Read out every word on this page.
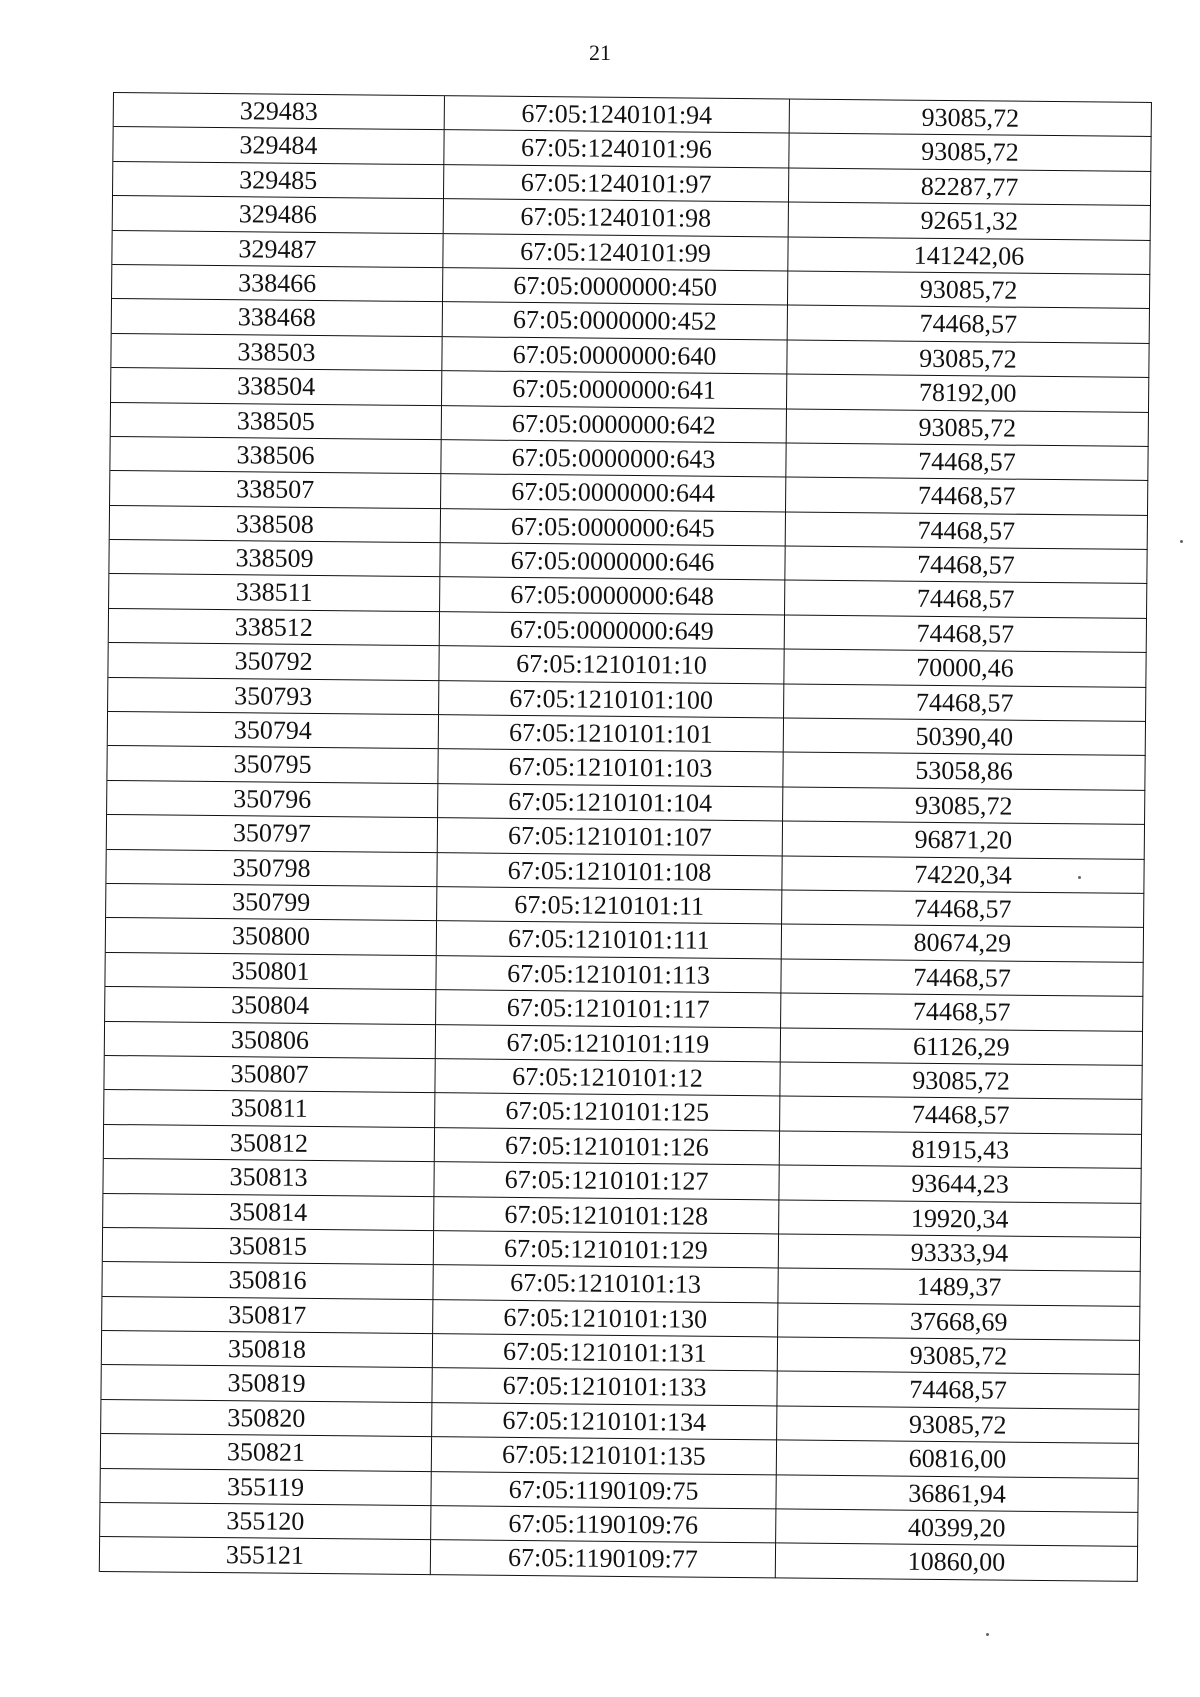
21
329483	67:05:1240101:94	93085,72
329484	67:05:1240101:96	93085,72
329485	67:05:1240101:97	82287,77
329486	67:05:1240101:98	92651,32
329487	67:05:1240101:99	141242,06
338466	67:05:0000000:450	93085,72
338468	67:05:0000000:452	74468,57
338503	67:05:0000000:640	93085,72
338504	67:05:0000000:641	78192,00
338505	67:05:0000000:642	93085,72
338506	67:05:0000000:643	74468,57
338507	67:05:0000000:644	74468,57
338508	67:05:0000000:645	74468,57
338509	67:05:0000000:646	74468,57
338511	67:05:0000000:648	74468,57
338512	67:05:0000000:649	74468,57
350792	67:05:1210101:10	70000,46
350793	67:05:1210101:100	74468,57
350794	67:05:1210101:101	50390,40
350795	67:05:1210101:103	53058,86
350796	67:05:1210101:104	93085,72
350797	67:05:1210101:107	96871,20
350798	67:05:1210101:108	74220,34
350799	67:05:1210101:11	74468,57
350800	67:05:1210101:111	80674,29
350801	67:05:1210101:113	74468,57
350804	67:05:1210101:117	74468,57
350806	67:05:1210101:119	61126,29
350807	67:05:1210101:12	93085,72
350811	67:05:1210101:125	74468,57
350812	67:05:1210101:126	81915,43
350813	67:05:1210101:127	93644,23
350814	67:05:1210101:128	19920,34
350815	67:05:1210101:129	93333,94
350816	67:05:1210101:13	1489,37
350817	67:05:1210101:130	37668,69
350818	67:05:1210101:131	93085,72
350819	67:05:1210101:133	74468,57
350820	67:05:1210101:134	93085,72
350821	67:05:1210101:135	60816,00
355119	67:05:1190109:75	36861,94
355120	67:05:1190109:76	40399,20
355121	67:05:1190109:77	10860,00
